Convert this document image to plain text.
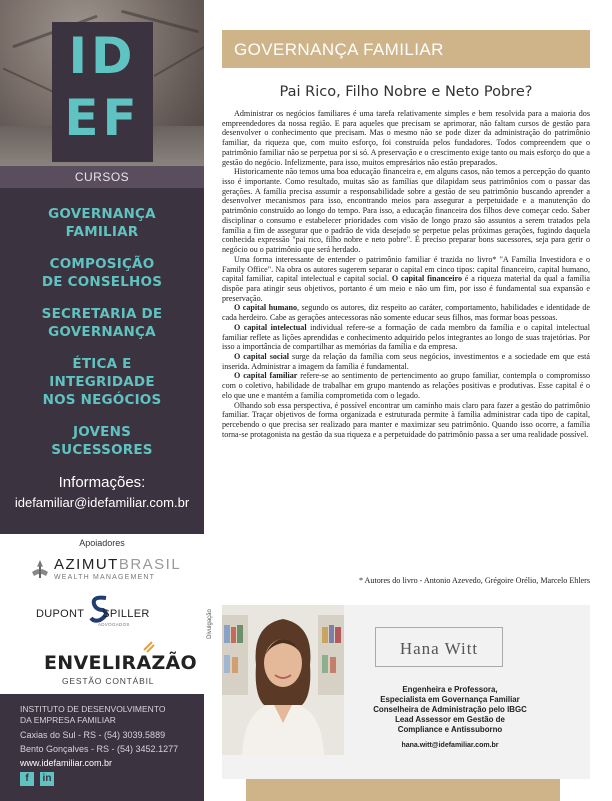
ID
EF
CURSOS
GOVERNANÇA
FAMILIAR
COMPOSIÇÃO
DE CONSELHOS
SECRETARIA DE
GOVERNANÇA
ÉTICA E
INTEGRIDADE
NOS NEGÓCIOS
JOVENS
SUCESSORES
Informações:
idefamiliar@idefamiliar.com.br
Apoiadores
AZIMUTBRASIL
WEALTH MANAGEMENT
DUPONT SPILLER
ADVOGADOS
ENVELIRAZÃO
GESTÃO CONTÁBIL
INSTITUTO DE DESENVOLVIMENTO
DA EMPRESA FAMILIAR
Caxias do Sul - RS - (54) 3039.5889
Bento Gonçalves - RS - (54) 3452.1277
www.idefamiliar.com.br
f	in
GOVERNANÇA FAMILIAR
Pai Rico, Filho Nobre e Neto Pobre?

Administrar os negócios familiares é uma tarefa relativamente simples e bem resolvida para a maioria dos empreendedores da nossa região. E para aqueles que precisam se aprimorar, não faltam cursos de gestão para desenvolver o conhecimento que precisam. Mas o mesmo não se pode dizer da administração do patrimônio familiar, da riqueza que, com muito esforço, foi construída pelos fundadores. Todos compreendem que o patrimônio familiar não se perpetua por si só. A preservação e o crescimento exige tanto ou mais esforço do que a gestão do negócio. Infelizmente, para isso, muitos empresários não estão preparados.

Historicamente não temos uma boa educação financeira e, em alguns casos, não temos a percepção do quanto isso é importante. Como resultado, muitas são as famílias que dilapidam seus patrimônios com o passar das gerações. A família precisa assumir a responsabilidade sobre a gestão de seu patrimônio buscando aprender a desenvolver mecanismos para isso, encontrando meios para assegurar a perpetuidade e a manutenção do patrimônio construído ao longo do tempo. Para isso, a educação financeira dos filhos deve começar cedo. Saber disciplinar o consumo e estabelecer prioridades com visão de longo prazo são assuntos a serem tratados pela família a fim de assegurar que o padrão de vida desejado se perpetue pelas próximas gerações, fugindo daquela conhecida expressão "pai rico, filho nobre e neto pobre". É preciso preparar bons sucessores, seja para gerir o negócio ou o patrimônio que será herdado.

Uma forma interessante de entender o patrimônio familiar é trazida no livro* "A Família Investidora e o Family Office". Na obra os autores sugerem separar o capital em cinco tipos: capital financeiro, capital humano, capital familiar, capital intelectual e capital social. O capital financeiro é a riqueza material da qual a família dispõe para atingir seus objetivos, portanto é um meio e não um fim, por isso é fundamental sua expansão e preservação.

O capital humano, segundo os autores, diz respeito ao caráter, comportamento, habilidades e identidade de cada herdeiro. Cabe as gerações antecessoras não somente educar seus filhos, mas formar boas pessoas.

O capital intelectual individual refere-se a formação de cada membro da família e o capital intelectual familiar reflete as lições aprendidas e conhecimento adquirido pelos integrantes ao longo de suas trajetórias. Por isso a importância de compartilhar as memórias da família e da empresa.

O capital social surge da relação da família com seus negócios, investimentos e a sociedade em que está inserida. Administrar a imagem da família é fundamental.

O capital familiar refere-se ao sentimento de pertencimento ao grupo familiar, contempla o compromisso com o coletivo, habilidade de trabalhar em grupo mantendo as relações positivas e produtivas. Esse capital é o elo que une e mantém a família comprometida com o legado.

Olhando sob essa perspectiva, é possível encontrar um caminho mais claro para fazer a gestão do patrimônio familiar. Traçar objetivos de forma organizada e estruturada permite à família administrar cada tipo de capital, percebendo o que precisa ser realizado para manter e maximizar seu patrimônio. Quando isso ocorre, a família torna-se protagonista na gestão da sua riqueza e a perpetuidade do patrimônio passa a ser uma realidade possível.

* Autores do livro - Antonio Azevedo, Grégoire Orélio, Marcelo Ehlers
Divulgação
Hana Witt
Engenheira e Professora,
Especialista em Governança Familiar
Conselheira de Administração pelo IBGC
Lead Assessor em Gestão de
Compliance e Antissuborno
hana.witt@idefamiliar.com.br
